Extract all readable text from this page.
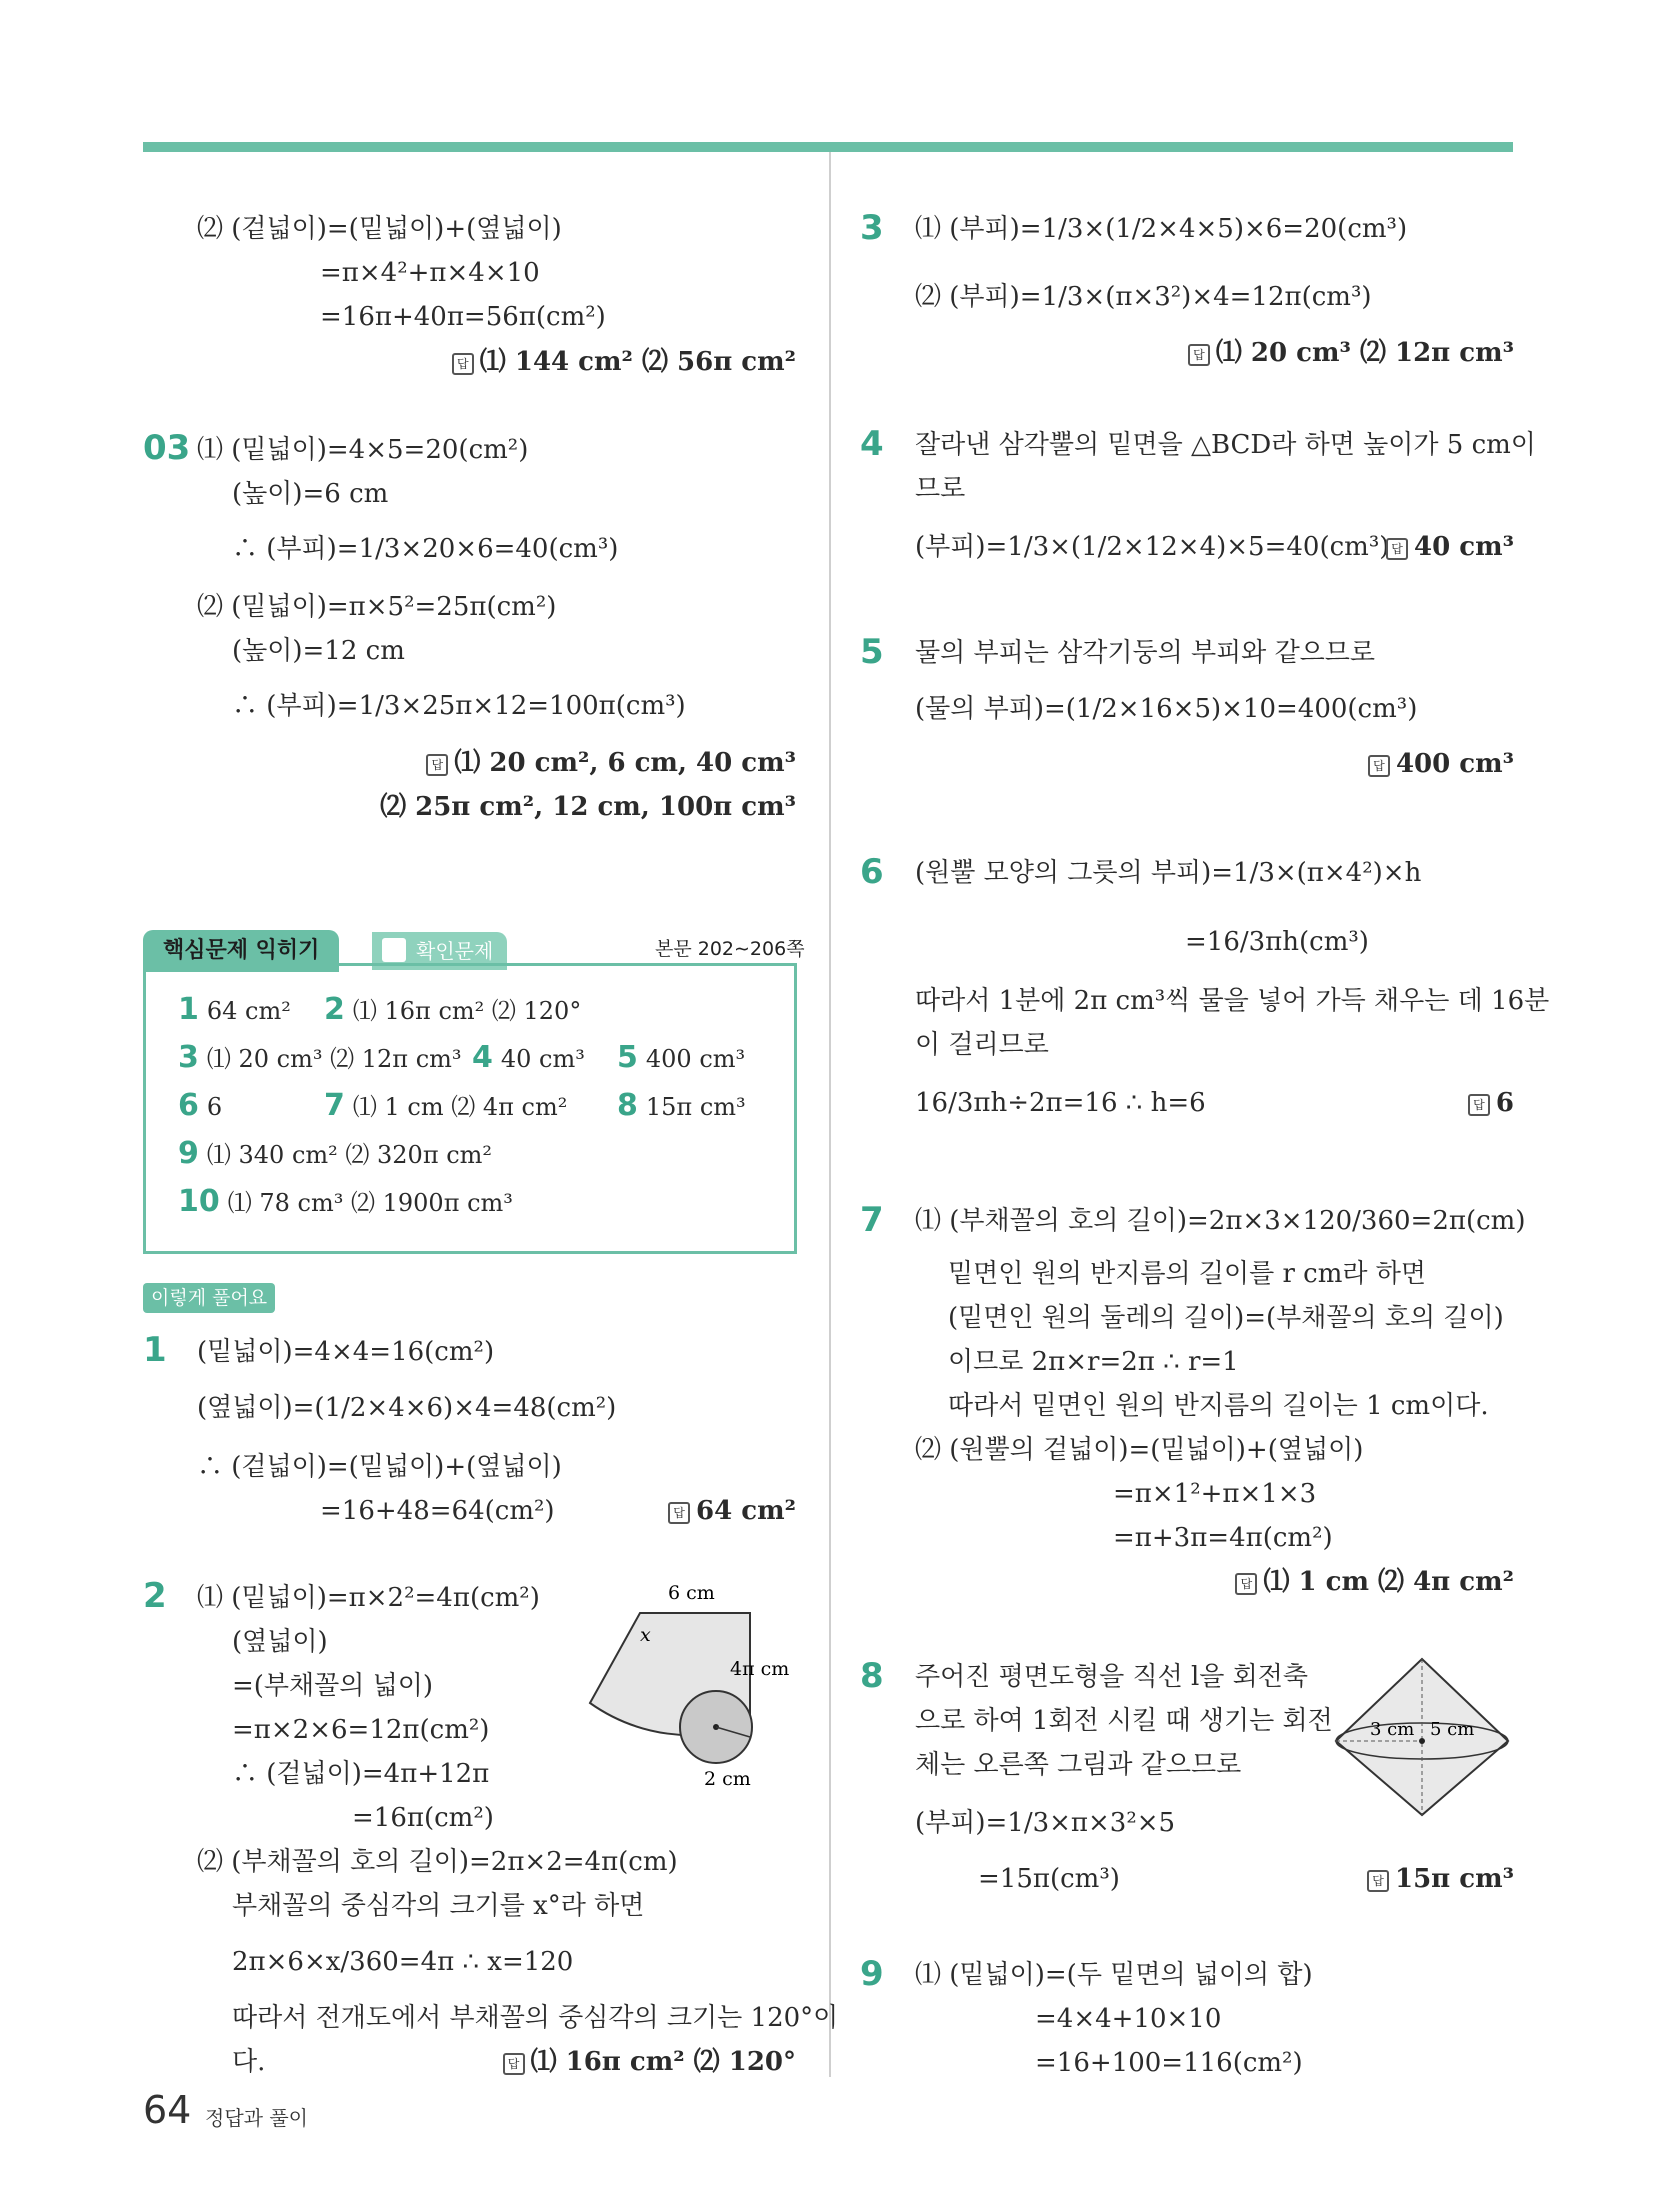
⑵ (겉넓이)=(밑넓이)+(옆넓이)
=π×4²+π×4×10
=16π+40π=56π(cm²)
답 ⑴ 144 cm² ⑵ 56π cm²
03 ⑴ (밑넓이)=4×5=20(cm²)
(높이)=6 cm
∴ (부피)=1/3×20×6=40(cm³)
⑵ (밑넓이)=π×5²=25π(cm²)
(높이)=12 cm
∴ (부피)=1/3×25π×12=100π(cm³)
답 ⑴ 20 cm², 6 cm, 40 cm³
⑵ 25π cm², 12 cm, 100π cm³
핵심문제 익히기	확인문제	본문 202∼206쪽
1 64 cm² 2 ⑴ 16π cm² ⑵ 120°
3 ⑴ 20 cm³ ⑵ 12π cm³ 4 40 cm³ 5 400 cm³
6 6	7 ⑴ 1 cm ⑵ 4π cm² 8 15π cm³
9 ⑴ 340 cm² ⑵ 320π cm²
10 ⑴ 78 cm³ ⑵ 1900π cm³
이렇게 풀어요
1 (밑넓이)=4×4=16(cm²)
(옆넓이)=(1/2×4×6)×4=48(cm²)
∴ (겉넓이)=(밑넓이)+(옆넓이)
=16+48=64(cm²)	답 64 cm²
2 ⑴ (밑넓이)=π×2²=4π(cm²)
(옆넓이)
=(부채꼴의 넓이)
=π×2×6=12π(cm²)
∴ (겉넓이)=4π+12π
=16π(cm²)
⑵ (부채꼴의 호의 길이)=2π×2=4π(cm)
부채꼴의 중심각의 크기를 x°라 하면
2π×6×x/360=4π ∴ x=120
따라서 전개도에서 부채꼴의 중심각의 크기는 120°이
다.	답 ⑴ 16π cm² ⑵ 120°
6 cm
x
4π cm
2 cm
3 ⑴ (부피)=1/3×(1/2×4×5)×6=20(cm³)
⑵ (부피)=1/3×(π×3²)×4=12π(cm³)
답 ⑴ 20 cm³ ⑵ 12π cm³
4 잘라낸 삼각뿔의 밑면을 △BCD라 하면 높이가 5 cm이
므로
(부피)=1/3×(1/2×12×4)×5=40(cm³) 답 40 cm³
5 물의 부피는 삼각기둥의 부피와 같으므로
(물의 부피)=(1/2×16×5)×10=400(cm³)
답 400 cm³
6 (원뿔 모양의 그릇의 부피)=1/3×(π×4²)×h
=16/3πh(cm³)
따라서 1분에 2π cm³씩 물을 넣어 가득 채우는 데 16분
이 걸리므로
16/3πh÷2π=16 ∴ h=6	답 6
7 ⑴ (부채꼴의 호의 길이)=2π×3×120/360=2π(cm)
밑면인 원의 반지름의 길이를 r cm라 하면
(밑면인 원의 둘레의 길이)=(부채꼴의 호의 길이)
이므로 2π×r=2π ∴ r=1
따라서 밑면인 원의 반지름의 길이는 1 cm이다.
⑵ (원뿔의 겉넓이)=(밑넓이)+(옆넓이)
=π×1²+π×1×3
=π+3π=4π(cm²)
답 ⑴ 1 cm ⑵ 4π cm²
8 주어진 평면도형을 직선 l을 회전축
으로 하여 1회전 시킬 때 생기는 회전
체는 오른쪽 그림과 같으므로
(부피)=1/3×π×3²×5
=15π(cm³)	답 15π cm³
3 cm 5 cm
9 ⑴ (밑넓이)=(두 밑면의 넓이의 합)
=4×4+10×10
=16+100=116(cm²)
64 정답과 풀이
